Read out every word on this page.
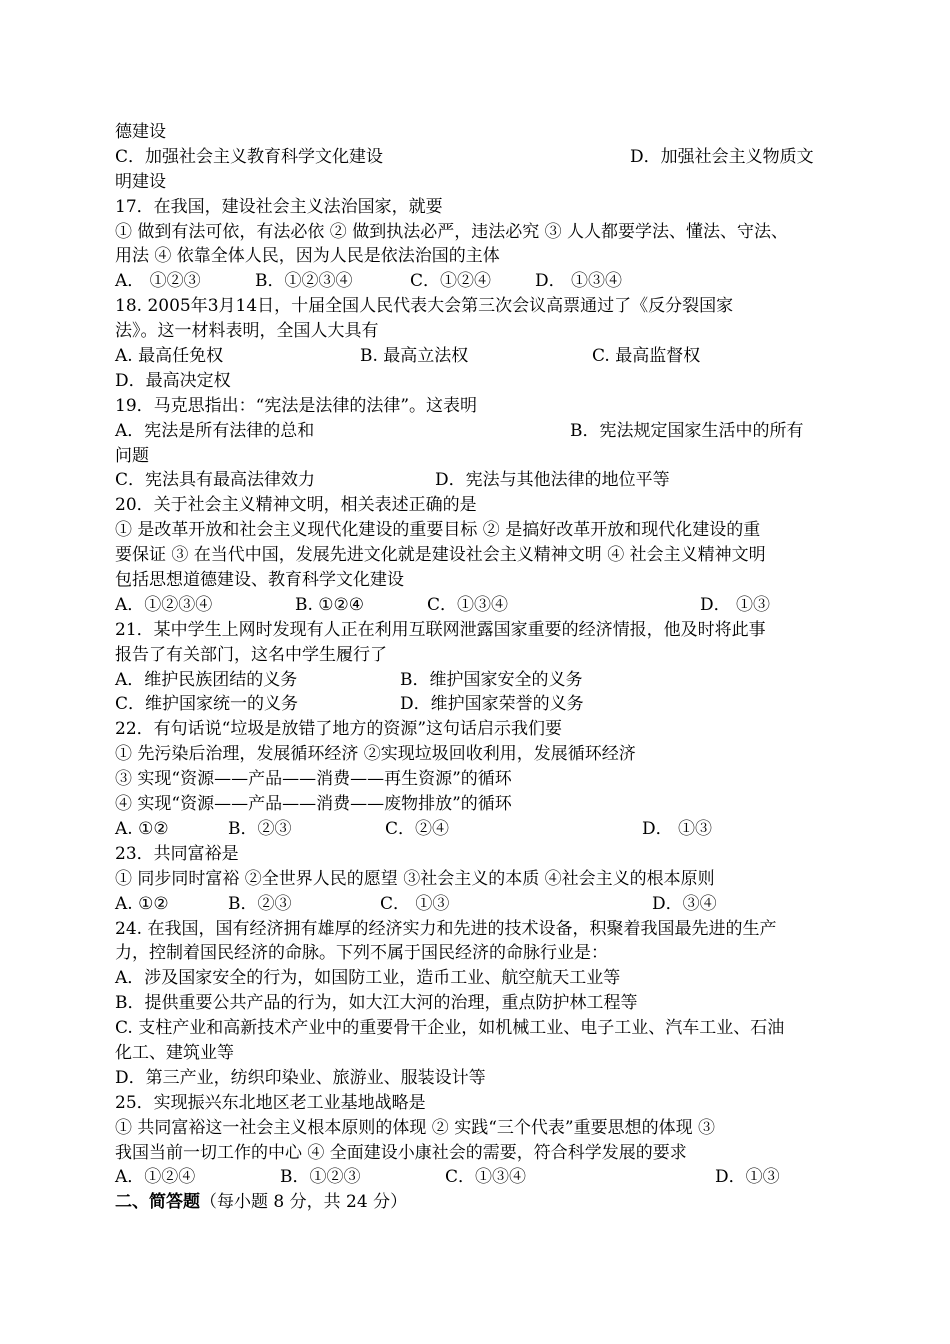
德建设
C．加强社会主义教育科学文化建设	D．加强社会主义物质文
明建设
17．在我国，建设社会主义法治国家，就要
① 做到有法可依，有法必依 ② 做到执法必严，违法必究 ③ 人人都要学法、懂法、守法、
用法 ④ 依靠全体人民，因为人民是依法治国的主体
A． ①②③	B．①②③④	C．①②④	D． ①③④
18. 2005年3月14日，十届全国人民代表大会第三次会议高票通过了《反分裂国家
法》。这一材料表明，全国人大具有
A. 最高任免权	B. 最高立法权	C. 最高监督权
D．最高决定权
19．马克思指出：“宪法是法律的法律”。这表明
A．宪法是所有法律的总和	B．宪法规定国家生活中的所有
问题
C．宪法具有最高法律效力	D．宪法与其他法律的地位平等
20．关于社会主义精神文明，相关表述正确的是
① 是改革开放和社会主义现代化建设的重要目标 ② 是搞好改革开放和现代化建设的重
要保证 ③ 在当代中国，发展先进文化就是建设社会主义精神文明 ④ 社会主义精神文明
包括思想道德建设、教育科学文化建设
A．①②③④	B. ①②④	C．①③④	D． ①③
21．某中学生上网时发现有人正在利用互联网泄露国家重要的经济情报，他及时将此事
报告了有关部门，这名中学生履行了
A．维护民族团结的义务	B．维护国家安全的义务
C．维护国家统一的义务	D．维护国家荣誉的义务
22．有句话说“垃圾是放错了地方的资源”这句话启示我们要
① 先污染后治理，发展循环经济 ②实现垃圾回收利用，发展循环经济
③ 实现“资源——产品——消费——再生资源”的循环
④ 实现“资源——产品——消费——废物排放”的循环
A. ①②	B．②③	C．②④	D． ①③
23．共同富裕是
① 同步同时富裕 ②全世界人民的愿望 ③社会主义的本质 ④社会主义的根本原则
A. ①②	B．②③	C． ①③	D．③④
24. 在我国，国有经济拥有雄厚的经济实力和先进的技术设备，积聚着我国最先进的生产
力，控制着国民经济的命脉。下列不属于国民经济的命脉行业是：
A．涉及国家安全的行为，如国防工业，造币工业、航空航天工业等
B．提供重要公共产品的行为，如大江大河的治理，重点防护林工程等
C. 支柱产业和高新技术产业中的重要骨干企业，如机械工业、电子工业、汽车工业、石油
化工、建筑业等
D．第三产业，纺织印染业、旅游业、服装设计等
25．实现振兴东北地区老工业基地战略是
① 共同富裕这一社会主义根本原则的体现 ② 实践“三个代表”重要思想的体现 ③
我国当前一切工作的中心 ④ 全面建设小康社会的需要，符合科学发展的要求
A．①②④	B．①②③	C．①③④	D．①③
二、简答题（每小题 8 分，共 24 分）
